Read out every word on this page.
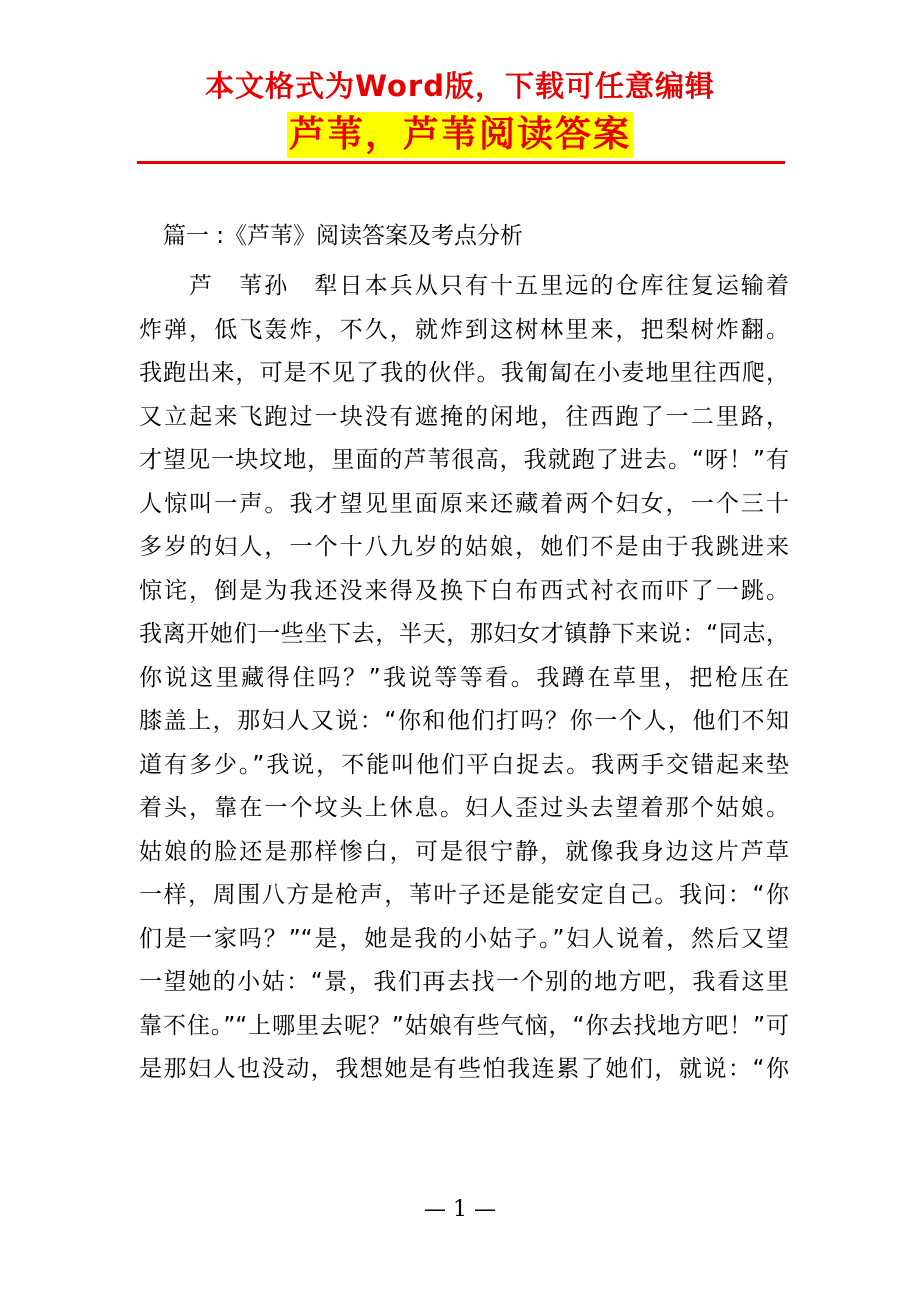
本文格式为Word版，下载可任意编辑
芦苇，芦苇阅读答案
篇一 :《芦苇》阅读答案及考点分析

芦　苇孙　犁日本兵从只有十五里远的仓库往复运输着
炸弹，低飞轰炸，不久，就炸到这树林里来，把梨树炸翻。
我跑出来，可是不见了我的伙伴。我匍匐在小麦地里往西爬，
又立起来飞跑过一块没有遮掩的闲地，往西跑了一二里路，
才望见一块坟地，里面的芦苇很高，我就跑了进去。“呀！”有
人惊叫一声。我才望见里面原来还藏着两个妇女，一个三十
多岁的妇人，一个十八九岁的姑娘，她们不是由于我跳进来
惊诧，倒是为我还没来得及换下白布西式衬衣而吓了一跳。
我离开她们一些坐下去，半天，那妇女才镇静下来说：“同志，
你说这里藏得住吗？”我说等等看。我蹲在草里，把枪压在
膝盖上，那妇人又说：“你和他们打吗？你一个人，他们不知
道有多少。”我说，不能叫他们平白捉去。我两手交错起来垫
着头，靠在一个坟头上休息。妇人歪过头去望着那个姑娘。
姑娘的脸还是那样惨白，可是很宁静，就像我身边这片芦草
一样，周围八方是枪声，苇叶子还是能安定自己。我问：“你
们是一家吗？”“是，她是我的小姑子。”妇人说着，然后又望
一望她的小姑：“景，我们再去找一个别的地方吧，我看这里
靠不住。”“上哪里去呢？”姑娘有些气恼，“你去找地方吧！”可
是那妇人也没动，我想她是有些怕我连累了她们，就说：“你

— 1 —
